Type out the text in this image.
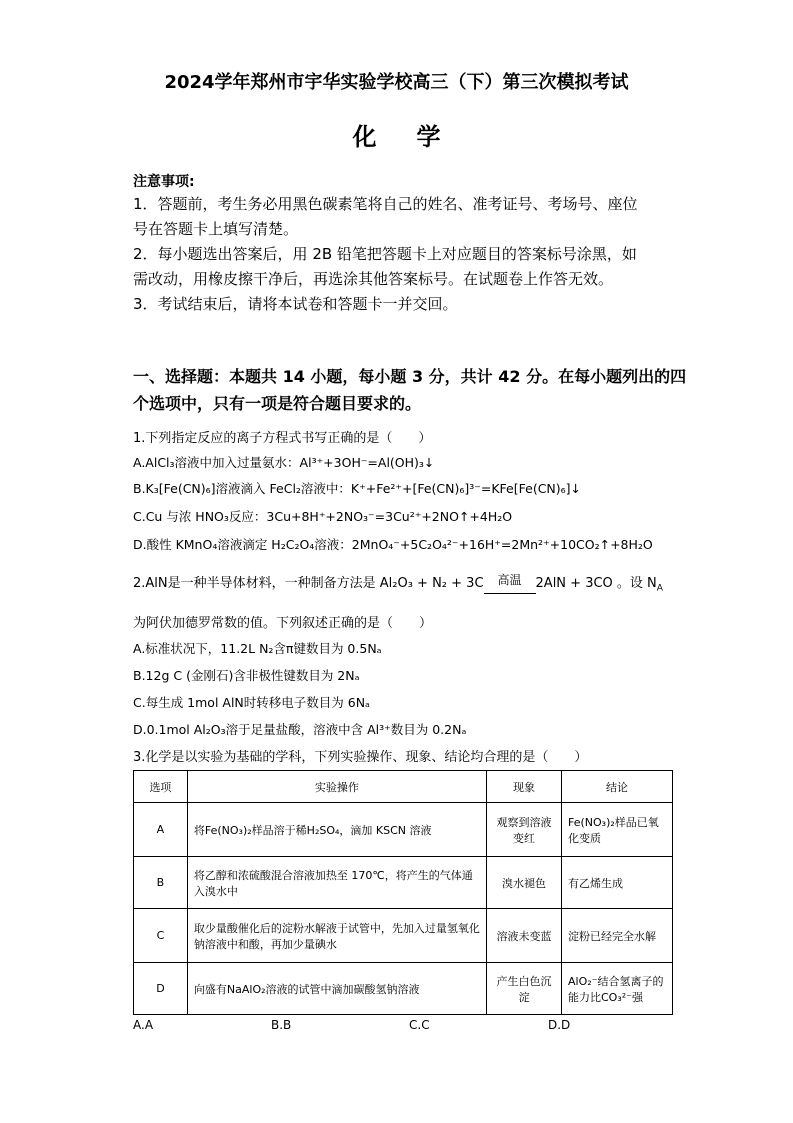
2024学年郑州市宇华实验学校高三（下）第三次模拟考试
化学
注意事项:
1．答题前，考生务必用黑色碳素笔将自己的姓名、准考证号、考场号、座位
号在答题卡上填写清楚。
2．每小题选出答案后，用 2B 铅笔把答题卡上对应题目的答案标号涂黑，如
需改动，用橡皮擦干净后，再选涂其他答案标号。在试题卷上作答无效。
3．考试结束后，请将本试卷和答题卡一并交回。
一、选择题：本题共 14 小题，每小题 3 分，共计 42 分。在每小题列出的四
个选项中，只有一项是符合题目要求的。
1.下列指定反应的离子方程式书写正确的是（　　）
A.AlCl₃溶液中加入过量氨水：Al³⁺+3OH⁻=Al(OH)₃↓
B.K₃[Fe(CN)₆]溶液滴入 FeCl₂溶液中：K⁺+Fe²⁺+[Fe(CN)₆]³⁻=KFe[Fe(CN)₆]↓
C.Cu 与浓 HNO₃反应：3Cu+8H⁺+2NO₃⁻=3Cu²⁺+2NO↑+4H₂O
D.酸性 KMnO₄溶液滴定 H₂C₂O₄溶液：2MnO₄⁻+5C₂O₄²⁻+16H⁺=2Mn²⁺+10CO₂↑+8H₂O
2.AlN是一种半导体材料，一种制备方法是 Al₂O₃ + N₂ + 3C	高温	2AlN + 3CO 。设 $N_A$
为阿伏加德罗常数的值。下列叙述正确的是（　　）
A.标准状况下，11.2L N₂含π键数目为 0.5Nₐ
B.12g C (金刚石)含非极性键数目为 2Nₐ
C.每生成 1mol AlN时转移电子数目为 6Nₐ
D.0.1mol Al₂O₃溶于足量盐酸，溶液中含 Al³⁺数目为 0.2Nₐ
3.化学是以实验为基础的学科，下列实验操作、现象、结论均合理的是（　　）
选项	实验操作	现象	结论
A	将Fe(NO₃)₂样品溶于稀H₂SO₄，滴加 KSCN 溶液	观察到溶液变红	Fe(NO₃)₂样品已氧化变质
B	将乙醇和浓硫酸混合溶液加热至 170℃，将产生的气体通入溴水中	溴水褪色	有乙烯生成
C	取少量酸催化后的淀粉水解液于试管中，先加入过量氢氧化钠溶液中和酸，再加少量碘水	溶液未变蓝	淀粉已经完全水解
D	向盛有NaAlO₂溶液的试管中滴加碳酸氢钠溶液	产生白色沉淀	AlO₂⁻结合氢离子的能力比CO₃²⁻强
A.A	B.B	C.C	D.D
